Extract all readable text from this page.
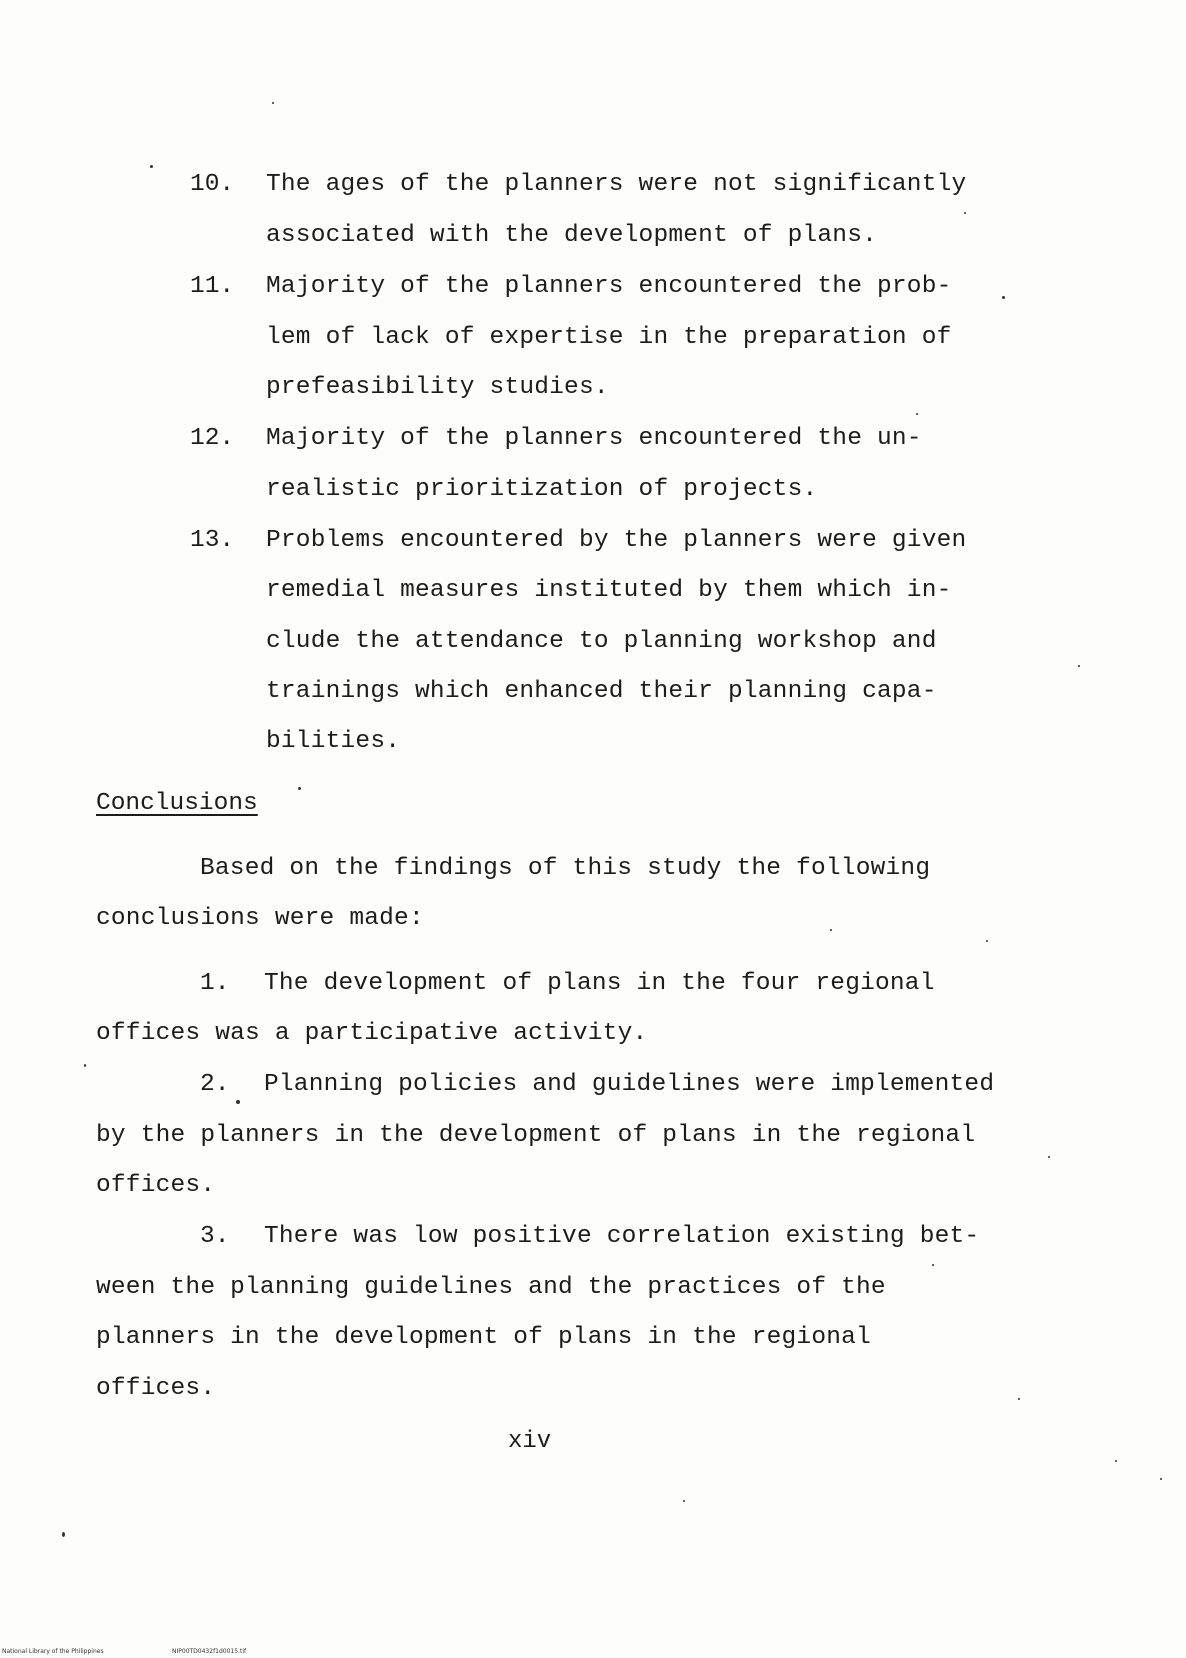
10. The ages of the planners were not significantly
associated with the development of plans.
11. Majority of the planners encountered the prob-
lem of lack of expertise in the preparation of
prefeasibility studies.
12. Majority of the planners encountered the un-
realistic prioritization of projects.
13. Problems encountered by the planners were given
remedial measures instituted by them which in-
clude the attendance to planning workshop and
trainings which enhanced their planning capa-
bilities.
Conclusions
Based on the findings of this study the following
conclusions were made:
1. The development of plans in the four regional
offices was a participative activity.
2. Planning policies and guidelines were implemented
by the planners in the development of plans in the regional
offices.
3. There was low positive correlation existing bet-
ween the planning guidelines and the practices of the
planners in the development of plans in the regional
offices.
xiv
National Library of the Philippines	NIP00TD0432f1d0015.tif
